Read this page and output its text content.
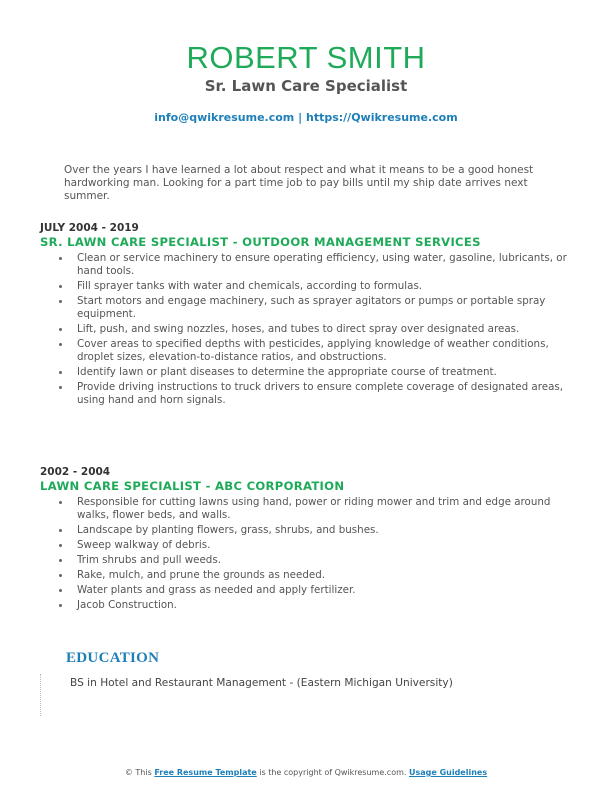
ROBERT SMITH
Sr. Lawn Care Specialist
info@qwikresume.com | https://Qwikresume.com
Over the years I have learned a lot about respect and what it means to be a good honest hardworking man. Looking for a part time job to pay bills until my ship date arrives next summer.
JULY 2004 - 2019
SR. LAWN CARE SPECIALIST - OUTDOOR MANAGEMENT SERVICES
Clean or service machinery to ensure operating efficiency, using water, gasoline, lubricants, or hand tools.
Fill sprayer tanks with water and chemicals, according to formulas.
Start motors and engage machinery, such as sprayer agitators or pumps or portable spray equipment.
Lift, push, and swing nozzles, hoses, and tubes to direct spray over designated areas.
Cover areas to specified depths with pesticides, applying knowledge of weather conditions, droplet sizes, elevation-to-distance ratios, and obstructions.
Identify lawn or plant diseases to determine the appropriate course of treatment.
Provide driving instructions to truck drivers to ensure complete coverage of designated areas, using hand and horn signals.
2002 - 2004
LAWN CARE SPECIALIST - ABC CORPORATION
Responsible for cutting lawns using hand, power or riding mower and trim and edge around walks, flower beds, and walls.
Landscape by planting flowers, grass, shrubs, and bushes.
Sweep walkway of debris.
Trim shrubs and pull weeds.
Rake, mulch, and prune the grounds as needed.
Water plants and grass as needed and apply fertilizer.
Jacob Construction.
EDUCATION
BS in Hotel and Restaurant Management - (Eastern Michigan University)
© This Free Resume Template is the copyright of Qwikresume.com. Usage Guidelines
